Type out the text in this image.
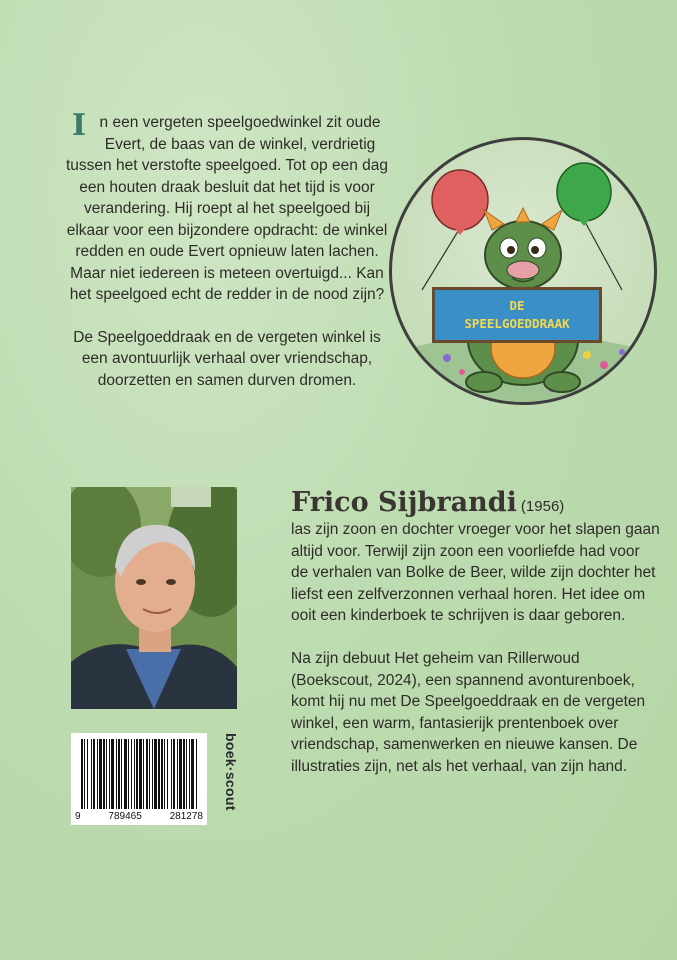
In een vergeten speelgoedwinkel zit oude Evert, de baas van de winkel, verdrietig tussen het verstofte speelgoed. Tot op een dag een houten draak besluit dat het tijd is voor verandering. Hij roept al het speelgoed bij elkaar voor een bijzondere opdracht: de winkel redden en oude Evert opnieuw laten lachen. Maar niet iedereen is meteen overtuigd... Kan het speelgoed echt de redder in de nood zijn?

De Speelgoeddraak en de vergeten winkel is een avontuurlijk verhaal over vriendschap, doorzetten en samen durven dromen.

DE
SPEELGOEDDRAAK
Frico Sijbrandi (1956)

las zijn zoon en dochter vroeger voor het slapen gaan altijd voor. Terwijl zijn zoon een voorliefde had voor de verhalen van Bolke de Beer, wilde zijn dochter het liefst een zelfverzonnen verhaal horen. Het idee om ooit een kinderboek te schrijven is daar geboren.

Na zijn debuut Het geheim van Rillerwoud (Boekscout, 2024), een spannend avonturenboek, komt hij nu met De Speelgoeddraak en de vergeten winkel, een warm, fantasierijk prentenboek over vriendschap, samenwerken en nieuwe kansen. De illustraties zijn, net als het verhaal, van zijn hand.

9	789465	281278
boek·scout
